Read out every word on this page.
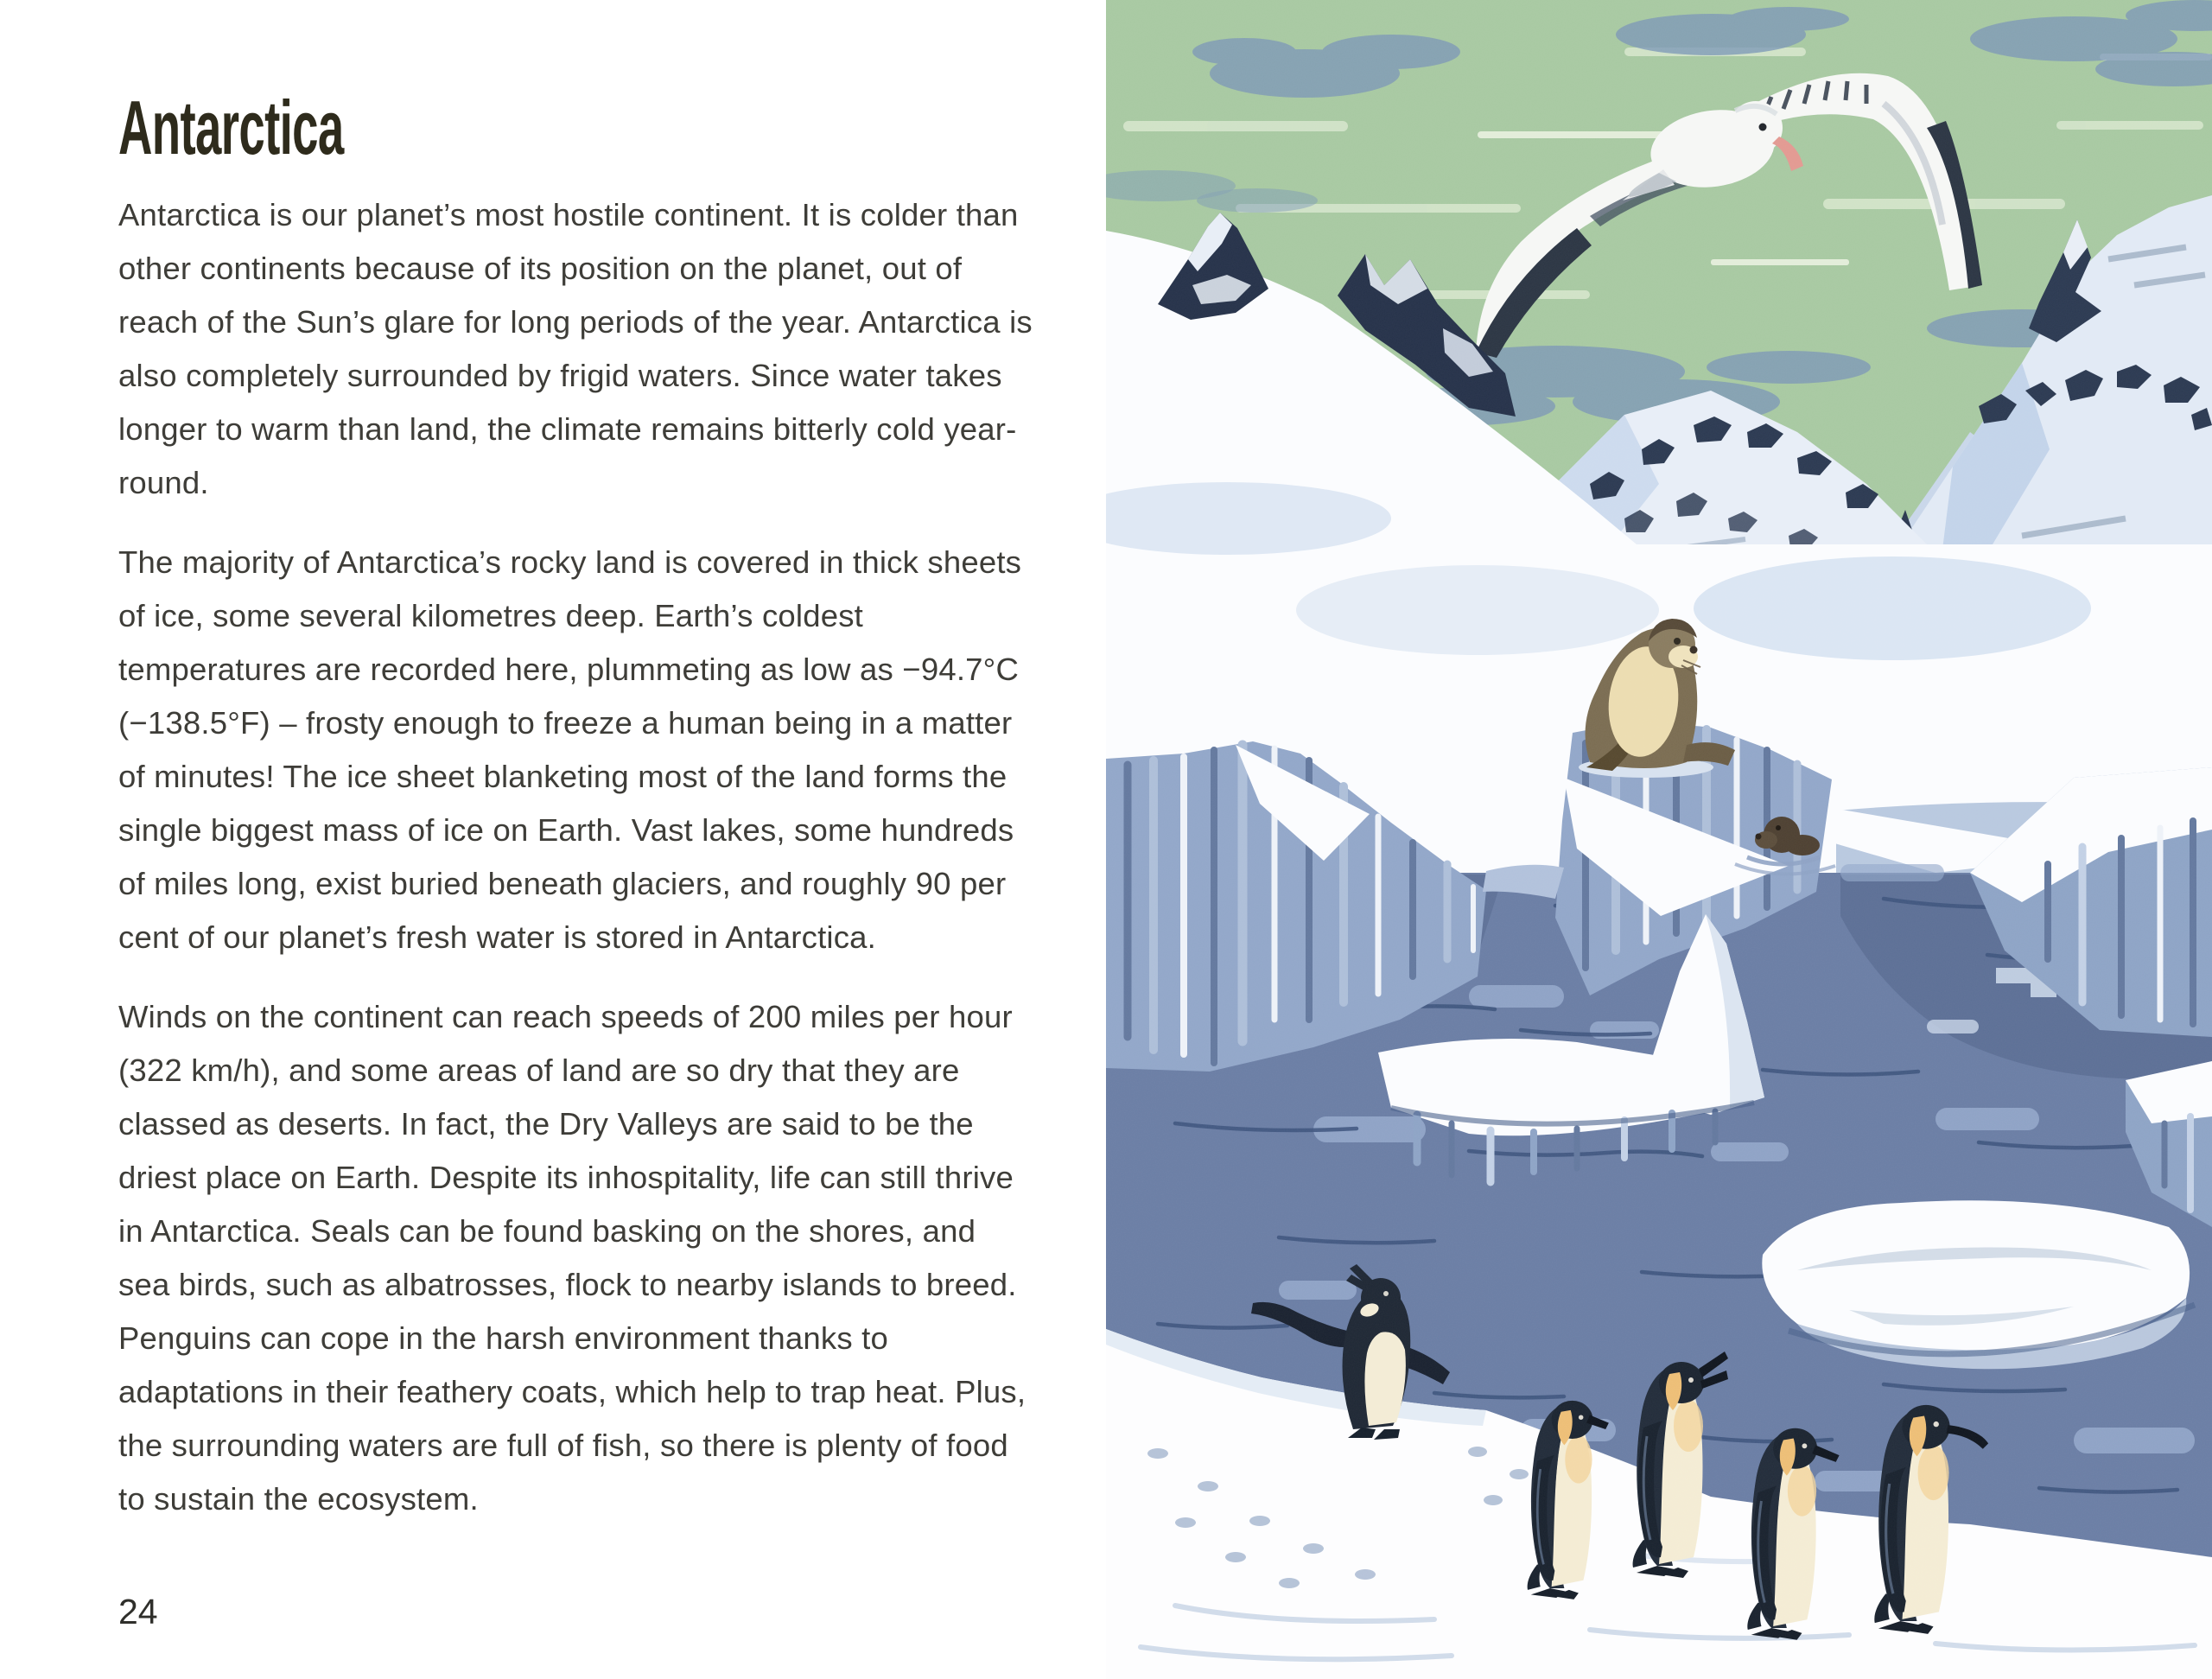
Antarctica

Antarctica is our planet’s most hostile continent. It is colder than other continents because of its position on the planet, out of reach of the Sun’s glare for long periods of the year. Antarctica is also completely surrounded by frigid waters. Since water takes longer to warm than land, the climate remains bitterly cold year-round.

The majority of Antarctica’s rocky land is covered in thick sheets of ice, some several kilometres deep. Earth’s coldest temperatures are recorded here, plummeting as low as −94.7°C (−138.5°F) – frosty enough to freeze a human being in a matter of minutes! The ice sheet blanketing most of the land forms the single biggest mass of ice on Earth. Vast lakes, some hundreds of miles long, exist buried beneath glaciers, and roughly 90 per cent of our planet’s fresh water is stored in Antarctica.

Winds on the continent can reach speeds of 200 miles per hour (322 km/h), and some areas of land are so dry that they are classed as deserts. In fact, the Dry Valleys are said to be the driest place on Earth. Despite its inhospitality, life can still thrive in Antarctica. Seals can be found basking on the shores, and sea birds, such as albatrosses, flock to nearby islands to breed. Penguins can cope in the harsh environment thanks to adaptations in their feathery coats, which help to trap heat. Plus, the surrounding waters are full of fish, so there is plenty of food to sustain the ecosystem.

24
